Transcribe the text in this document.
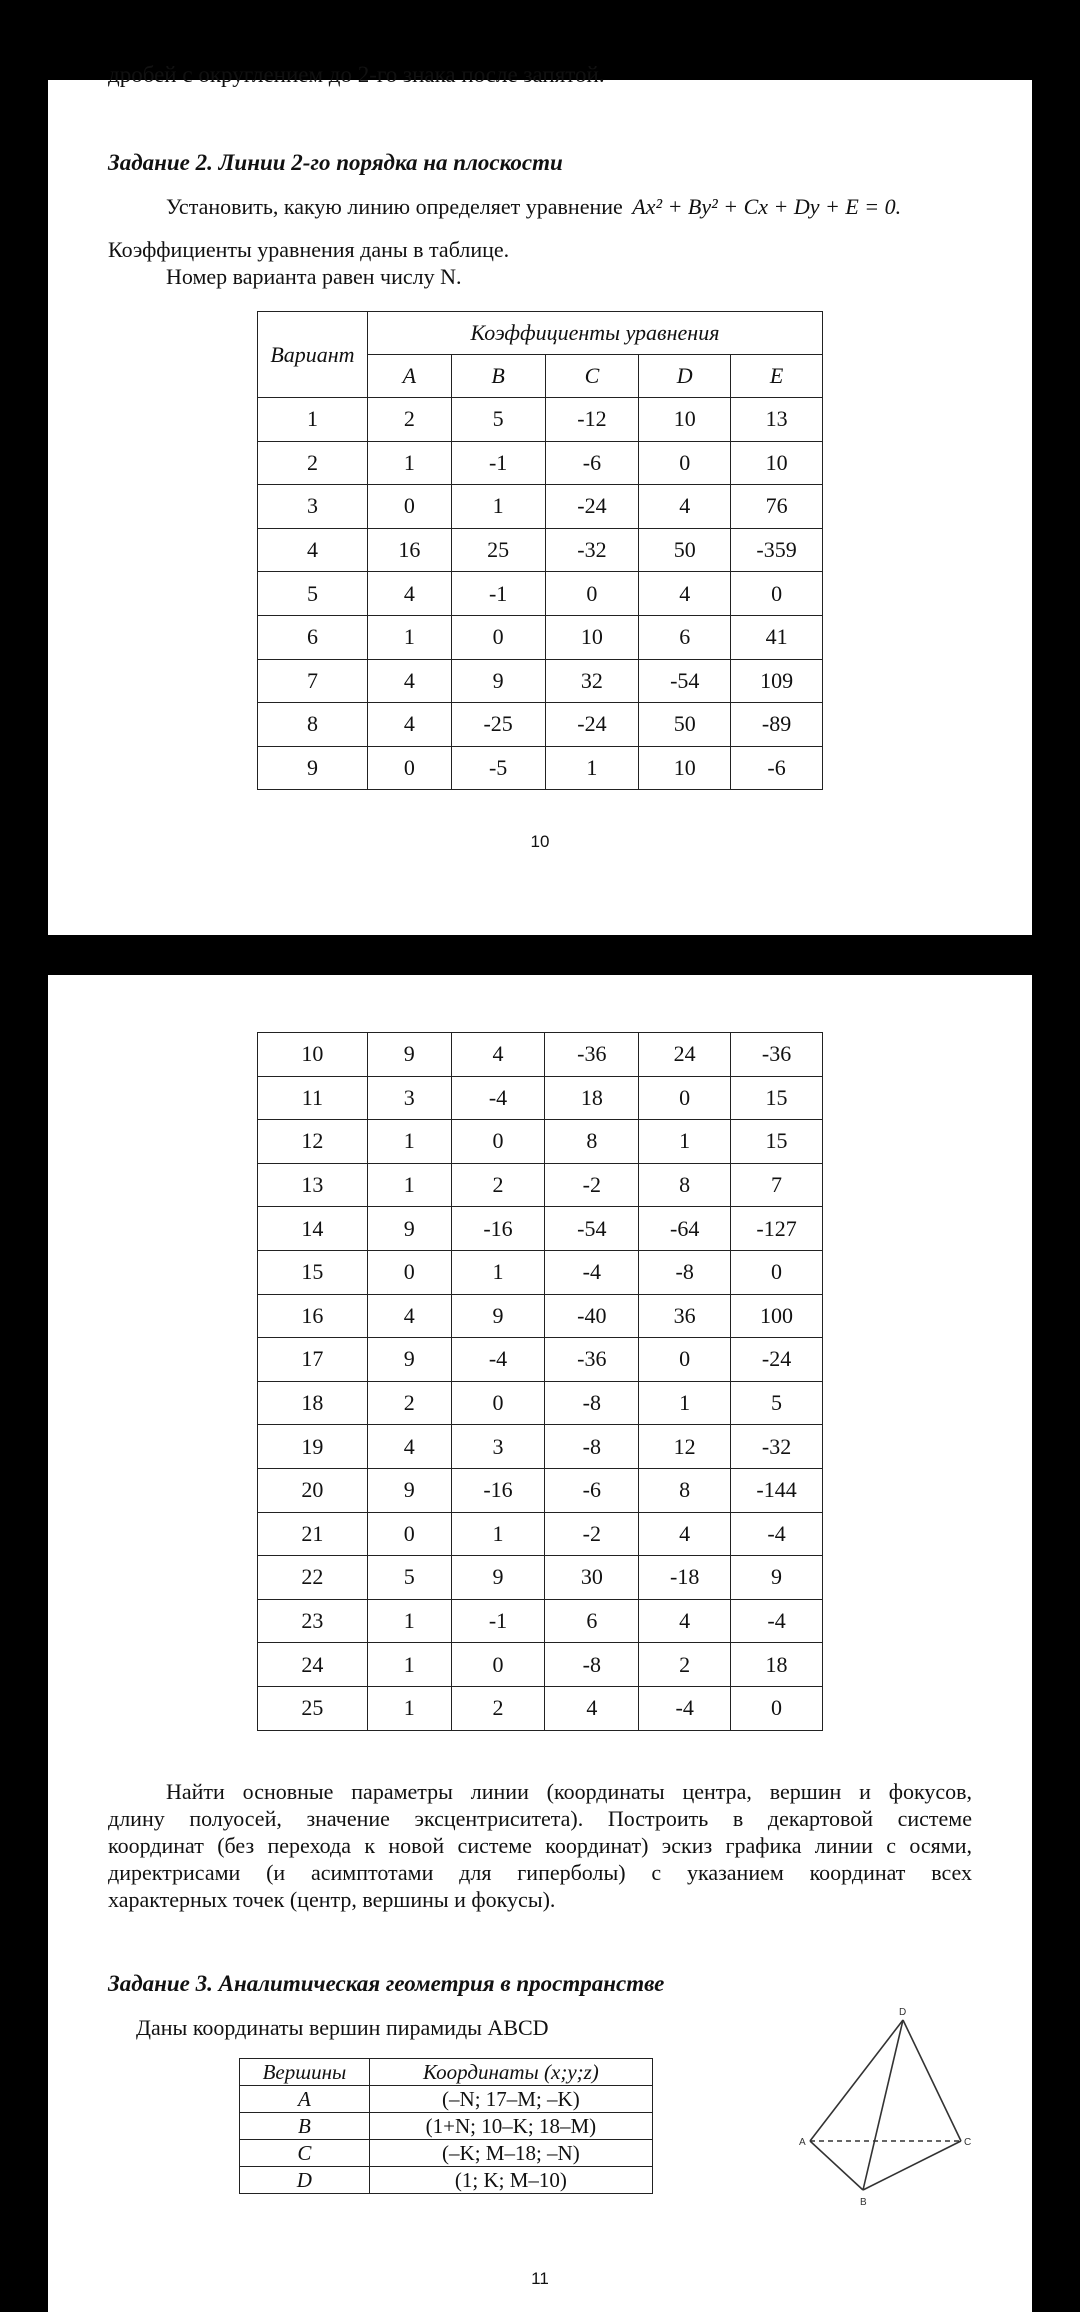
дробей с округлением до 2-го знака после запятой.
Задание 2. Линии 2-го порядка на плоскости
Установить, какую линию определяет уравнение Ax² + By² + Cx + Dy + E = 0.
Коэффициенты уравнения даны в таблице.
Номер варианта равен числу N.
Вариант	Коэффициенты уравнения				
	A	B	C	D	E
1	2	5	-12	10	13
2	1	-1	-6	0	10
3	0	1	-24	4	76
4	16	25	-32	50	-359
5	4	-1	0	4	0
6	1	0	10	6	41
7	4	9	32	-54	109
8	4	-25	-24	50	-89
9	0	-5	1	10	-6
10
10	9	4	-36	24	-36
11	3	-4	18	0	15
12	1	0	8	1	15
13	1	2	-2	8	7
14	9	-16	-54	-64	-127
15	0	1	-4	-8	0
16	4	9	-40	36	100
17	9	-4	-36	0	-24
18	2	0	-8	1	5
19	4	3	-8	12	-32
20	9	-16	-6	8	-144
21	0	1	-2	4	-4
22	5	9	30	-18	9
23	1	-1	6	4	-4
24	1	0	-8	2	18
25	1	2	4	-4	0
Найти основные параметры линии (координаты центра, вершин и фокусов,
длину полуосей, значение эксцентриситета). Построить в декартовой системе
координат (без перехода к новой системе координат) эскиз графика линии с осями,
директрисами (и асимптотами для гиперболы) с указанием координат всех
характерных точек (центр, вершины и фокусы).
Задание 3. Аналитическая геометрия в пространстве
Даны координаты вершин пирамиды ABCD
Вершины	Координаты (x;y;z)
A	(–N; 17–M; –K)
B	(1+N; 10–K; 18–M)
C	(–K; M–18; –N)
D	(1; K; M–10)
D
A	C
B
11
